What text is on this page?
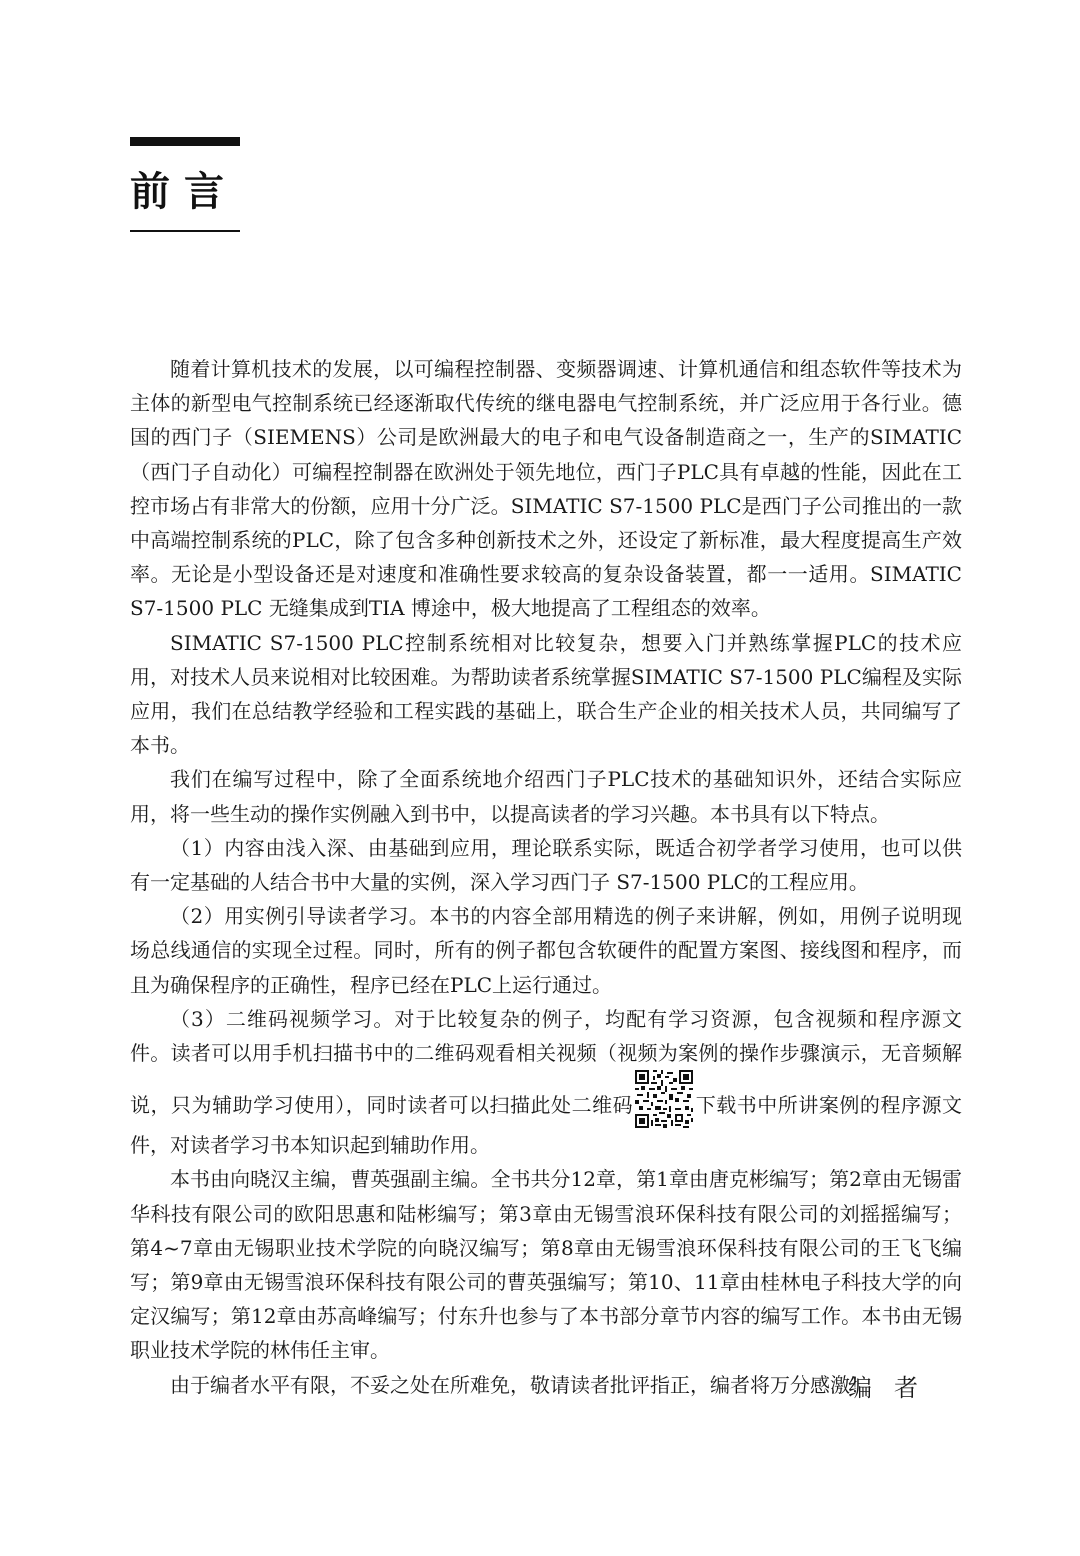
前言

随着计算机技术的发展，以可编程控制器、变频器调速、计算机通信和组态软件等技术为主体的新型电气控制系统已经逐渐取代传统的继电器电气控制系统，并广泛应用于各行业。德国的西门子（SIEMENS）公司是欧洲最大的电子和电气设备制造商之一，生产的SIMATIC（西门子自动化）可编程控制器在欧洲处于领先地位，西门子PLC具有卓越的性能，因此在工控市场占有非常大的份额，应用十分广泛。SIMATIC S7-1500 PLC是西门子公司推出的一款中高端控制系统的PLC，除了包含多种创新技术之外，还设定了新标准，最大程度提高生产效率。无论是小型设备还是对速度和准确性要求较高的复杂设备装置，都一一适用。SIMATIC S7-1500 PLC 无缝集成到TIA 博途中，极大地提高了工程组态的效率。

SIMATIC S7-1500 PLC控制系统相对比较复杂，想要入门并熟练掌握PLC的技术应用，对技术人员来说相对比较困难。为帮助读者系统掌握SIMATIC S7-1500 PLC编程及实际应用，我们在总结教学经验和工程实践的基础上，联合生产企业的相关技术人员，共同编写了本书。

我们在编写过程中，除了全面系统地介绍西门子PLC技术的基础知识外，还结合实际应用，将一些生动的操作实例融入到书中，以提高读者的学习兴趣。本书具有以下特点。

（1）内容由浅入深、由基础到应用，理论联系实际，既适合初学者学习使用，也可以供有一定基础的人结合书中大量的实例，深入学习西门子 S7-1500 PLC的工程应用。

（2）用实例引导读者学习。本书的内容全部用精选的例子来讲解，例如，用例子说明现场总线通信的实现全过程。同时，所有的例子都包含软硬件的配置方案图、接线图和程序，而且为确保程序的正确性，程序已经在PLC上运行通过。

（3）二维码视频学习。对于比较复杂的例子，均配有学习资源，包含视频和程序源文件。读者可以用手机扫描书中的二维码观看相关视频（视频为案例的操作步骤演示，无音频解说，只为辅助学习使用），同时读者可以扫描此处二维码	下载书中所讲案例的程序源文件，对读者学习书本知识起到辅助作用。

本书由向晓汉主编，曹英强副主编。全书共分12章，第1章由唐克彬编写；第2章由无锡雷华科技有限公司的欧阳思惠和陆彬编写；第3章由无锡雪浪环保科技有限公司的刘摇摇编写；第4~7章由无锡职业技术学院的向晓汉编写；第8章由无锡雪浪环保科技有限公司的王飞飞编写；第9章由无锡雪浪环保科技有限公司的曹英强编写；第10、11章由桂林电子科技大学的向定汉编写；第12章由苏高峰编写；付东升也参与了本书部分章节内容的编写工作。本书由无锡职业技术学院的林伟任主审。

由于编者水平有限，不妥之处在所难免，敬请读者批评指正，编者将万分感激！

编者
